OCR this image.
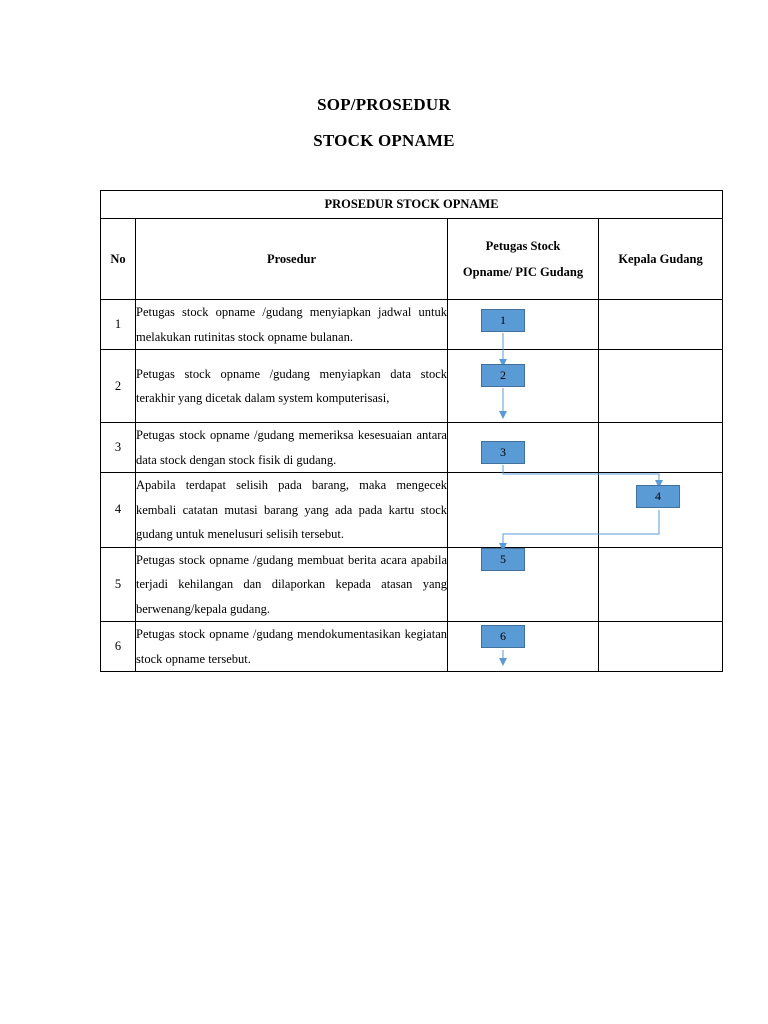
SOP/PROSEDUR
STOCK OPNAME
PROSEDUR STOCK OPNAME			
No	Prosedur	Petugas Stock Opname/ PIC Gudang	Kepala Gudang
1	Petugas stock opname /gudang menyiapkan jadwal untuk melakukan rutinitas stock opname bulanan.		
2	Petugas stock opname /gudang menyiapkan data stock terakhir yang dicetak dalam system komputerisasi,		
3	Petugas stock opname /gudang memeriksa kesesuaian antara data stock dengan stock fisik di gudang.		
4	Apabila terdapat selisih pada barang, maka mengecek kembali catatan mutasi barang yang ada pada kartu stock gudang untuk menelusuri selisih tersebut.		
5	Petugas stock opname /gudang membuat berita acara apabila terjadi kehilangan dan dilaporkan kepada atasan yang berwenang/kepala gudang.		
6	Petugas stock opname /gudang mendokumentasikan kegiatan stock opname tersebut.		
1
2
3
4
5
6
